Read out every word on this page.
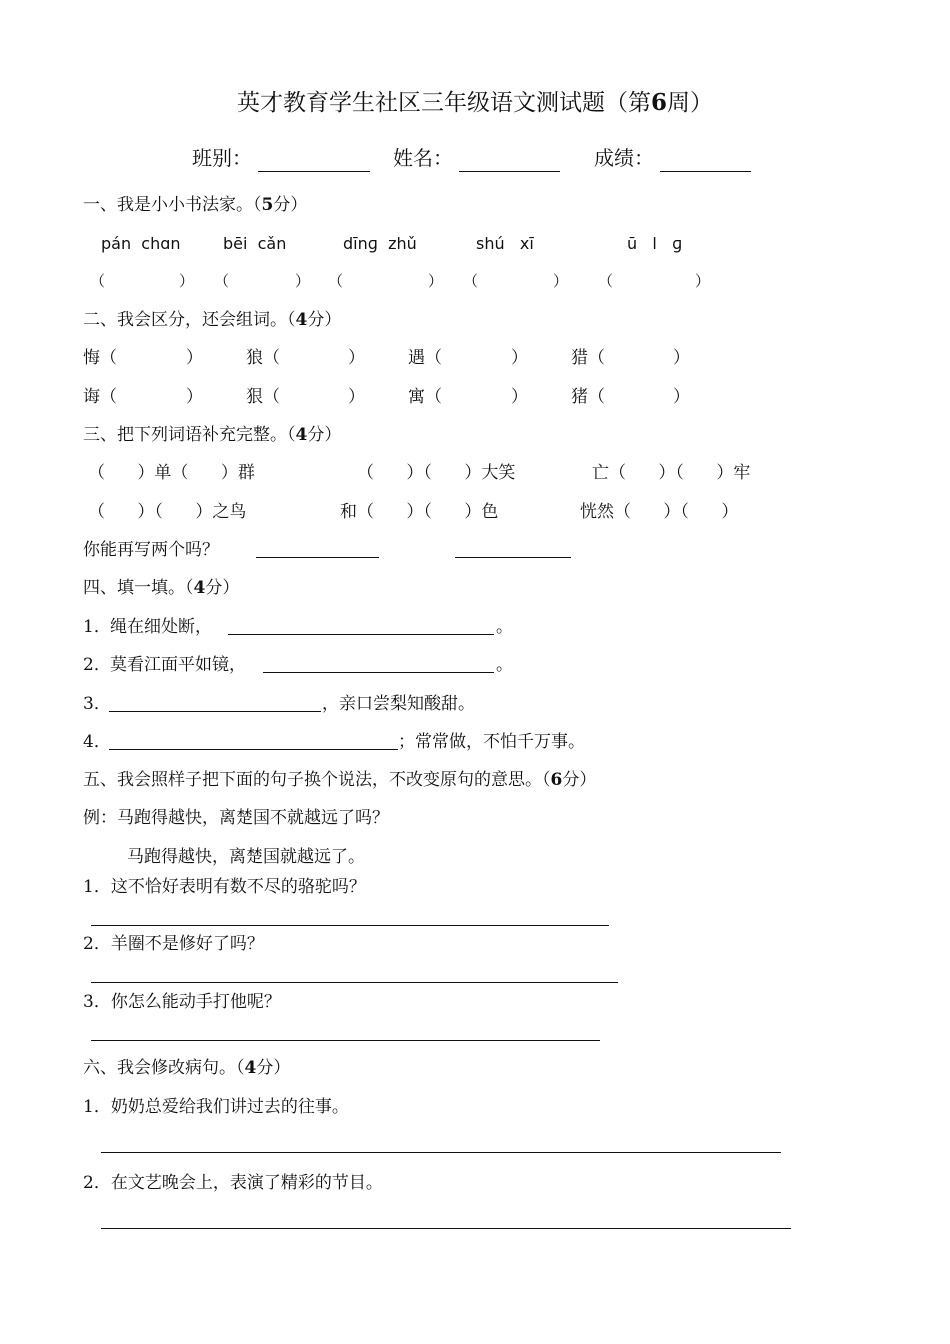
英才教育学生社区三年级语文测试题（第6周）
班别：	姓名：	成绩：
一、我是小小书法家。（5分）
pán  chɑn	bēi  cǎn	dīnɡ  zhǔ	shú   xī	ū   l   ɡ
（	） （	） （	） （	） （	）
二、我会区分，还会组词。（4分）
悔（	）	狼（	）	遇（	）	猎（	）
诲（	）	狠（	）	寓（	）	猪（	）
三、把下列词语补充完整。（4分）
（      ）单（      ）群	（      ）（      ）大笑	亡（      ）（      ）牢
（      ）（      ）之鸟	和（      ）（      ）色	恍然（      ）（      ）
你能再写两个吗？
四、填一填。（4分）
1． 绳在细处断，	。
2． 莫看江面平如镜，	。
3．	，亲口尝梨知酸甜。
4．	；常常做，不怕千万事。
五、我会照样子把下面的句子换个说法，不改变原句的意思。（6分）
例：马跑得越快，离楚国不就越远了吗？
马跑得越快，离楚国就越远了。
1．这不恰好表明有数不尽的骆驼吗？
2．羊圈不是修好了吗？
3．你怎么能动手打他呢？
六、我会修改病句。（4分）
1．奶奶总爱给我们讲过去的往事。
2．在文艺晚会上，表演了精彩的节目。
